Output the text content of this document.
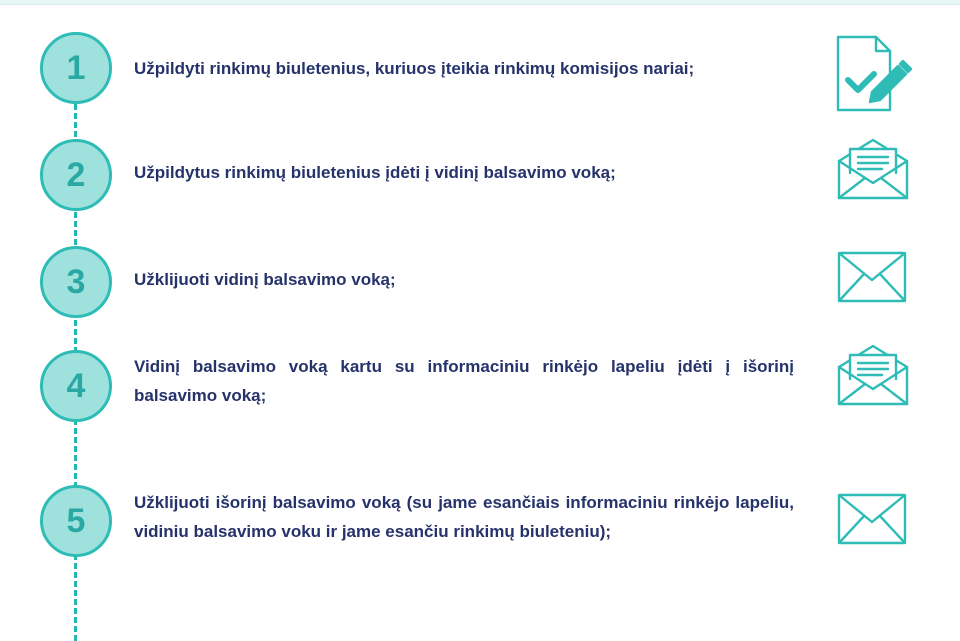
1	Užpildyti rinkimų biuletenius, kuriuos įteikia rinkimų komisijos nariai;
2	Užpildytus rinkimų biuletenius įdėti į vidinį balsavimo voką;
3	Užklijuoti vidinį balsavimo voką;
4	Vidinį balsavimo voką kartu su informaciniu rinkėjo lapeliu įdėti į išorinį balsavimo voką;
5	Užklijuoti išorinį balsavimo voką (su jame esančiais informaciniu rinkėjo lapeliu, vidiniu balsavimo voku ir jame esančiu rinkimų biuleteniu);
